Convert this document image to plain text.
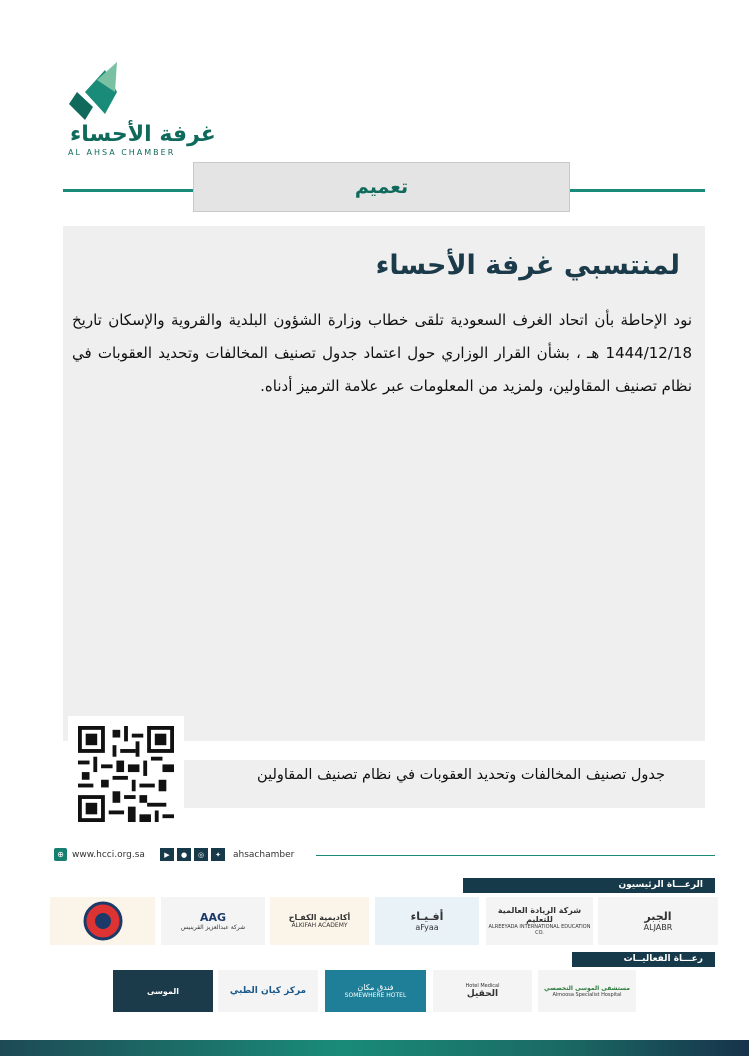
غرفة الأحساء
AL AHSA CHAMBER
تعميم
لمنتسبي غرفة الأحساء
نود الإحاطة بأن اتحاد الغرف السعودية تلقى خطاب وزارة الشؤون البلدية والقروية والإسكان تاريخ 1444/12/18 هـ ، بشأن القرار الوزاري حول اعتماد جدول تصنيف المخالفات وتحديد العقوبات في نظام تصنيف المقاولين، ولمزيد من المعلومات عبر علامة الترميز أدناه.
جدول تصنيف المخالفات وتحديد العقوبات في نظام تصنيف المقاولين
⊕ www.hcci.org.sa	▶	●	◎	✦	ahsachamber
الرعـــاة الرئيسيون
الجبر
ALJABR
شركة الريادة العالمية للتعليم
ALREEYADA INTERNATIONAL EDUCATION CO.
أفـيـاء
aFyaa
أكاديمية الكفـاح
ALKIFAH ACADEMY
AAG
شركة عبدالعزيز القرينيس
رعـــاة الفعاليــات
مستشفى الموسى التخصصي
Almoosa Specialist Hospital
Hotel Medical
الحقيل
فندق مكان
SOMEWHERE HOTEL
مركز كيان الطبي
الموسى
